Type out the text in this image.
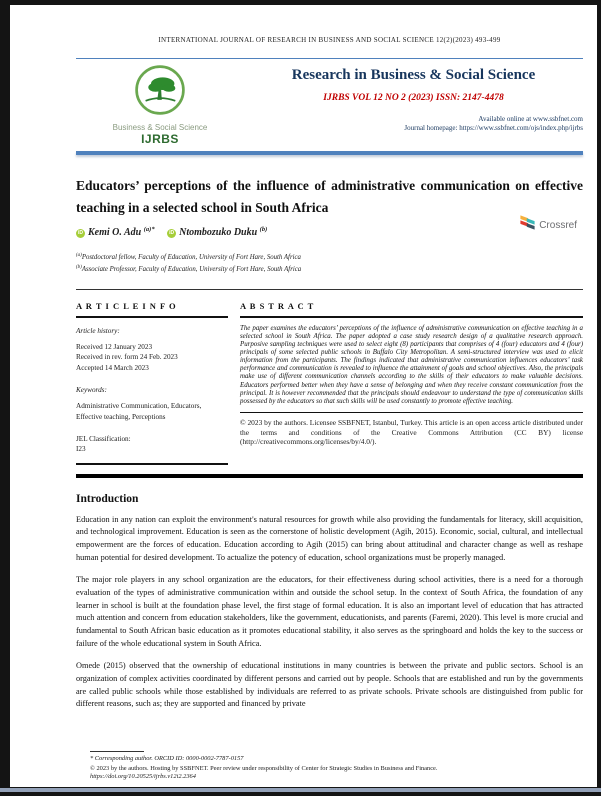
INTERNATIONAL JOURNAL OF RESEARCH IN BUSINESS AND SOCIAL SCIENCE 12(2)(2023) 493-499
Business & Social Science
IJRBS
Research in Business & Social Science
IJRBS VOL 12 NO 2 (2023) ISSN: 2147-4478
Available online at www.ssbfnet.com
Journal homepage: https://www.ssbfnet.com/ojs/index.php/ijrbs
Educators’ perceptions of the influence of administrative communication on effective teaching in a selected school in South Africa
iD Kemi O. Adu $^{(a)*}$	iD Ntombozuko Duku $^{(b)}$	Crossref
$^{(a)}$Postdoctoral fellow, Faculty of Education, University of Fort Hare, South Africa
$^{(b)}$Associate Professor, Faculty of Education, University of Fort Hare, South Africa
A R T I C L E I N F O
Article history:
Received 12 January 2023
Received in rev. form 24 Feb. 2023
Accepted 14 March 2023
Keywords:
Administrative Communication, Educators, Effective teaching, Perceptions
JEL Classification:
I23
A B S T R A C T
The paper examines the educators’ perceptions of the influence of administrative communication on effective teaching in a selected school in South Africa. The paper adopted a case study research design of a qualitative research approach. Purposive sampling techniques were used to select eight (8) participants that comprises of 4 (four) educators and 4 (four) principals of some selected public schools in Buffalo City Metropolitan. A semi-structured interview was used to elicit information from the participants. The findings indicated that administrative communication influences educators’ task performance and communication is revealed to influence the attainment of goals and school objectives. Also, the principals make use of different communication channels according to the skills of their educators to make valuable decisions. Educators performed better when they have a sense of belonging and when they receive constant communication from the principal. It is however recommended that the principals should endeavour to understand the type of communication skills possessed by the educators so that such skills will be used constantly to promote effective teaching.
© 2023 by the authors. Licensee SSBFNET, Istanbul, Turkey. This article is an open access article distributed under the terms and conditions of the Creative Commons Attribution (CC BY) license (http://creativecommons.org/licenses/by/4.0/).
Introduction
Education in any nation can exploit the environment's natural resources for growth while also providing the fundamentals for literacy, skill acquisition, and technological improvement. Education is seen as the cornerstone of holistic development (Agih, 2015). Economic, social, cultural, and intellectual empowerment are the forces of education. Education according to Agih (2015) can bring about attitudinal and character change as well as reshape human potential for desired development. To actualize the potency of education, school organizations must be properly managed.
The major role players in any school organization are the educators, for their effectiveness during school activities, there is a need for a thorough evaluation of the types of administrative communication within and outside the school setup. In the context of South Africa, the foundation of any learner in school is built at the foundation phase level, the first stage of formal education. It is also an important level of education that has attracted much attention and concern from education stakeholders, like the government, educationists, and parents (Faremi, 2020). This level is more crucial and fundamental to South African basic education as it promotes educational stability, it also serves as the springboard and holds the key to the success or failure of the whole educational system in South Africa.
Omede (2015) observed that the ownership of educational institutions in many countries is between the private and public sectors. School is an organization of complex activities coordinated by different persons and carried out by people. Schools that are established and run by the governments are called public schools while those established by individuals are referred to as private schools. Private schools are distinguished from public for different reasons, such as; they are supported and financed by private
* Corresponding author. ORCID ID: 0000-0002-7787-0157
© 2023 by the authors. Hosting by SSBFNET. Peer review under responsibility of Center for Strategic Studies in Business and Finance.
https://doi.org/10.20525/ijrbs.v12i2.2364
